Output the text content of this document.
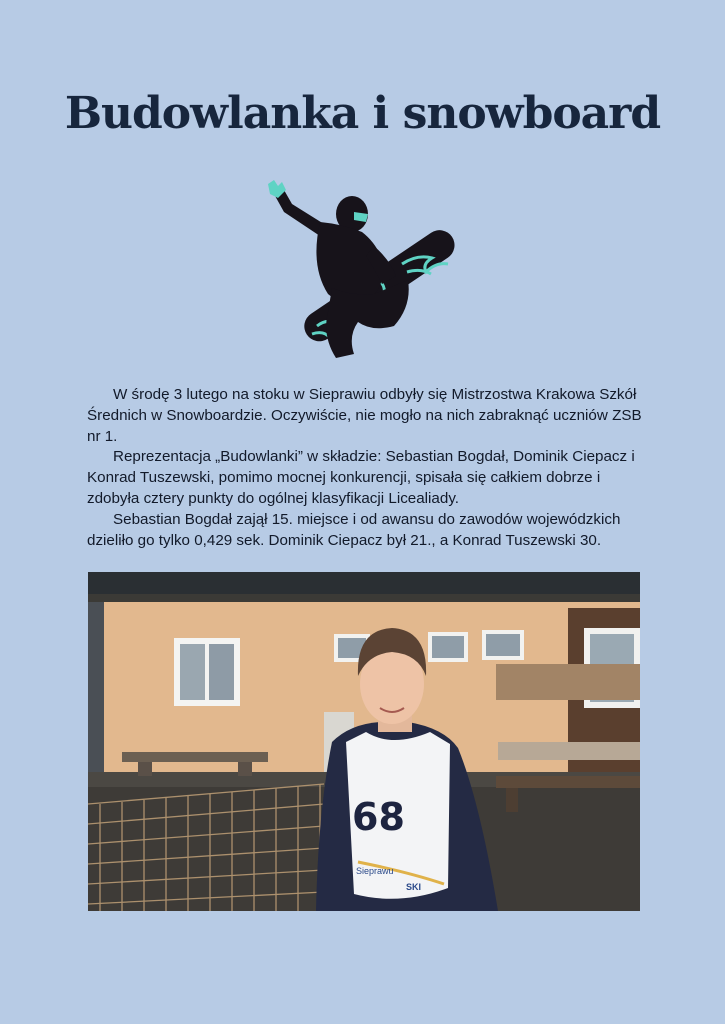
Budowlanka i snowboard

W środę 3 lutego na stoku w Sieprawiu odbyły się Mistrzostwa Krakowa Szkół Średnich w Snowboardzie. Oczywiście, nie mogło na nich zabraknąć uczniów ZSB nr 1.

Reprezentacja „Budowlanki” w składzie: Sebastian Bogdał, Dominik Ciepacz i Konrad Tuszewski, pomimo mocnej konkurencji, spisała się całkiem dobrze i zdobyła cztery punkty do ogólnej klasyfikacji Licealiady.

Sebastian Bogdał zajął 15. miejsce i od awansu do zawodów wojewódzkich dzieliło go tylko 0,429 sek. Dominik Ciepacz był 21., a Konrad Tuszewski 30.

68
Sieprawu
SKI
